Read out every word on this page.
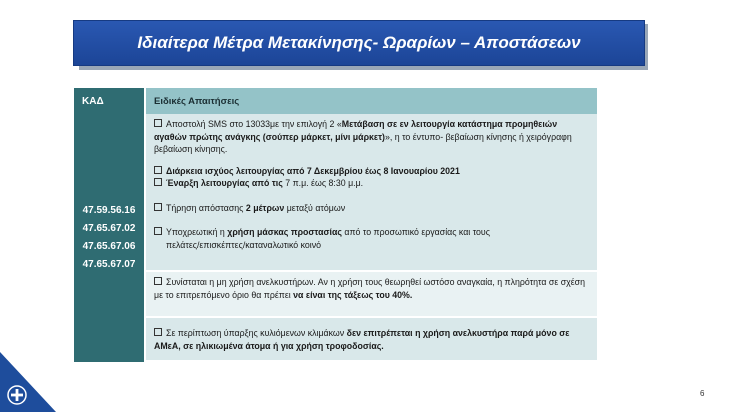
Ιδιαίτερα Μέτρα Μετακίνησης- Ωραρίων – Αποστάσεων
ΚΑΔ	Ειδικές Απαιτήσεις
47.59.56.16
47.65.67.02
47.65.67.06
47.65.67.07

Αποστολή SMS στο 13033με την επιλογή 2 «Μετάβαση σε εν λειτουργία κατάστημα προμηθειών αγαθών πρώτης ανάγκης (σούπερ μάρκετ, μίνι μάρκετ)», η το έντυπο- βεβαίωση κίνησης ή χειρόγραφη βεβαίωση κίνησης.

Διάρκεια ισχύος λειτουργίας από 7 Δεκεμβρίου έως 8 Ιανουαρίου 2021

Έναρξη λειτουργίας από τις 7 π.μ. έως 8:30 μ.μ.

Τήρηση απόστασης 2 μέτρων μεταξύ ατόμων

Υποχρεωτική η χρήση μάσκας προστασίας από το προσωπικό εργασίας και τους

πελάτες/επισκέπτες/καταναλωτικό κοινό

Συνίσταται η μη χρήση ανελκυστήρων. Αν η χρήση τους θεωρηθεί ωστόσο αναγκαία, η πληρότητα σε σχέση με το επιτρεπόμενο όριο θα πρέπει να είναι της τάξεως του 40%.

Σε περίπτωση ύπαρξης κυλιόμενων κλιμάκων δεν επιτρέπεται η χρήση ανελκυστήρα παρά μόνο σε ΑΜεΑ, σε ηλικιωμένα άτομα ή για χρήση τροφοδοσίας.

6
